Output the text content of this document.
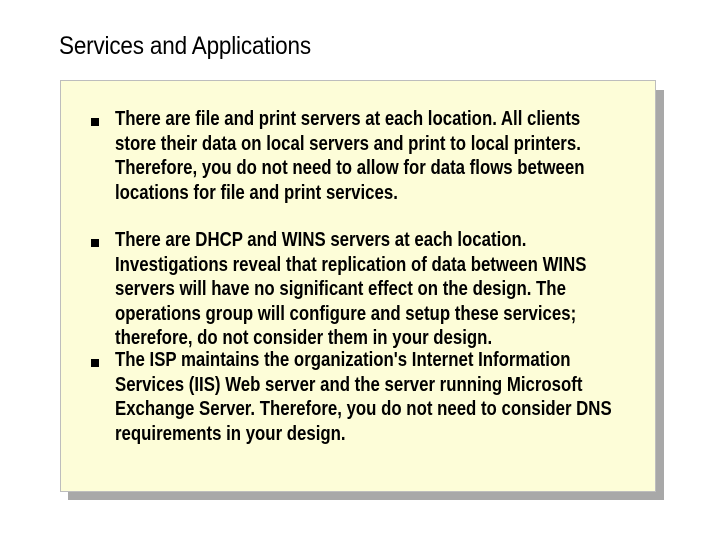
Services and Applications
There are file and print servers at each location. All clients store their data on local servers and print to local printers. Therefore, you do not need to allow for data flows between locations for file and print services.
There are DHCP and WINS servers at each location. Investigations reveal that replication of data between WINS servers will have no significant effect on the design. The operations group will configure and setup these services; therefore, do not consider them in your design.
The ISP maintains the organization's Internet Information Services (IIS) Web server and the server running Microsoft Exchange Server. Therefore, you do not need to consider DNS requirements in your design.
